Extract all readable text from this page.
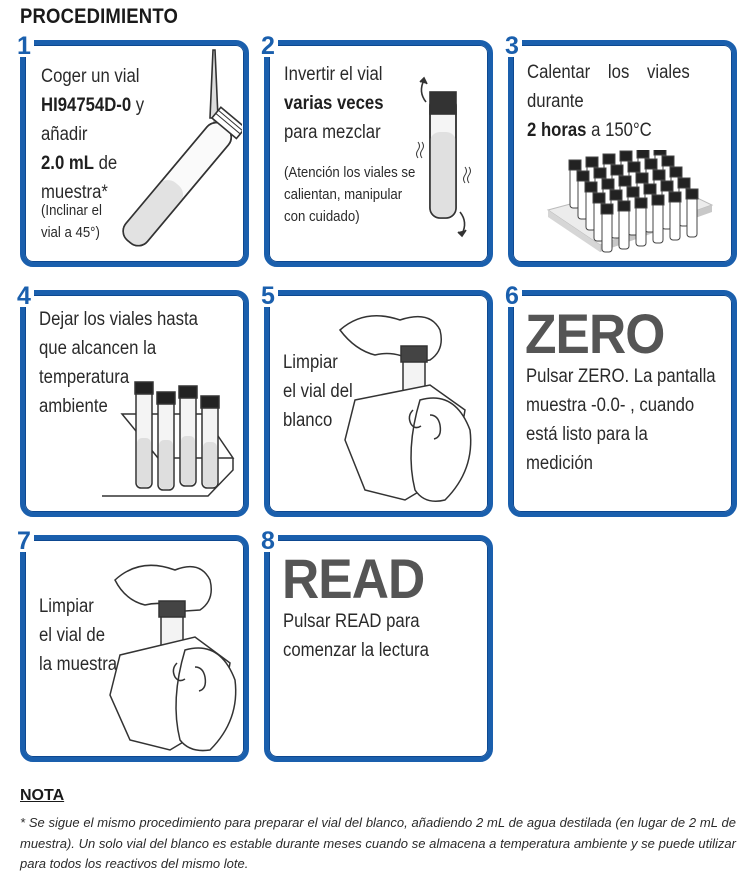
PROCEDIMIENTO
1
Coger un vial
HI94754D-0 y
añadir
2.0 mL de
muestra*
(Inclinar el
vial a 45°)
2
Invertir el vial
varias veces
para mezclar
(Atención los viales se
calientan, manipular
con cuidado)
3
Calentar los viales
durante
2 horas a 150°C
4
Dejar los viales hasta
que alcancen la
temperatura
ambiente
5
Limpiar
el vial del
blanco
6
ZERO
Pulsar ZERO. La pantalla
muestra -0.0- , cuando
está listo para la
medición
7
Limpiar
el vial de
la muestra
8
READ
Pulsar READ para
comenzar la lectura
NOTA
* Se sigue el mismo procedimiento para preparar el vial del blanco, añadiendo 2 mL de agua destilada (en lugar de 2 mL de muestra). Un solo vial del blanco es estable durante meses cuando se almacena a temperatura ambiente y se puede utilizar para todos los reactivos del mismo lote.
